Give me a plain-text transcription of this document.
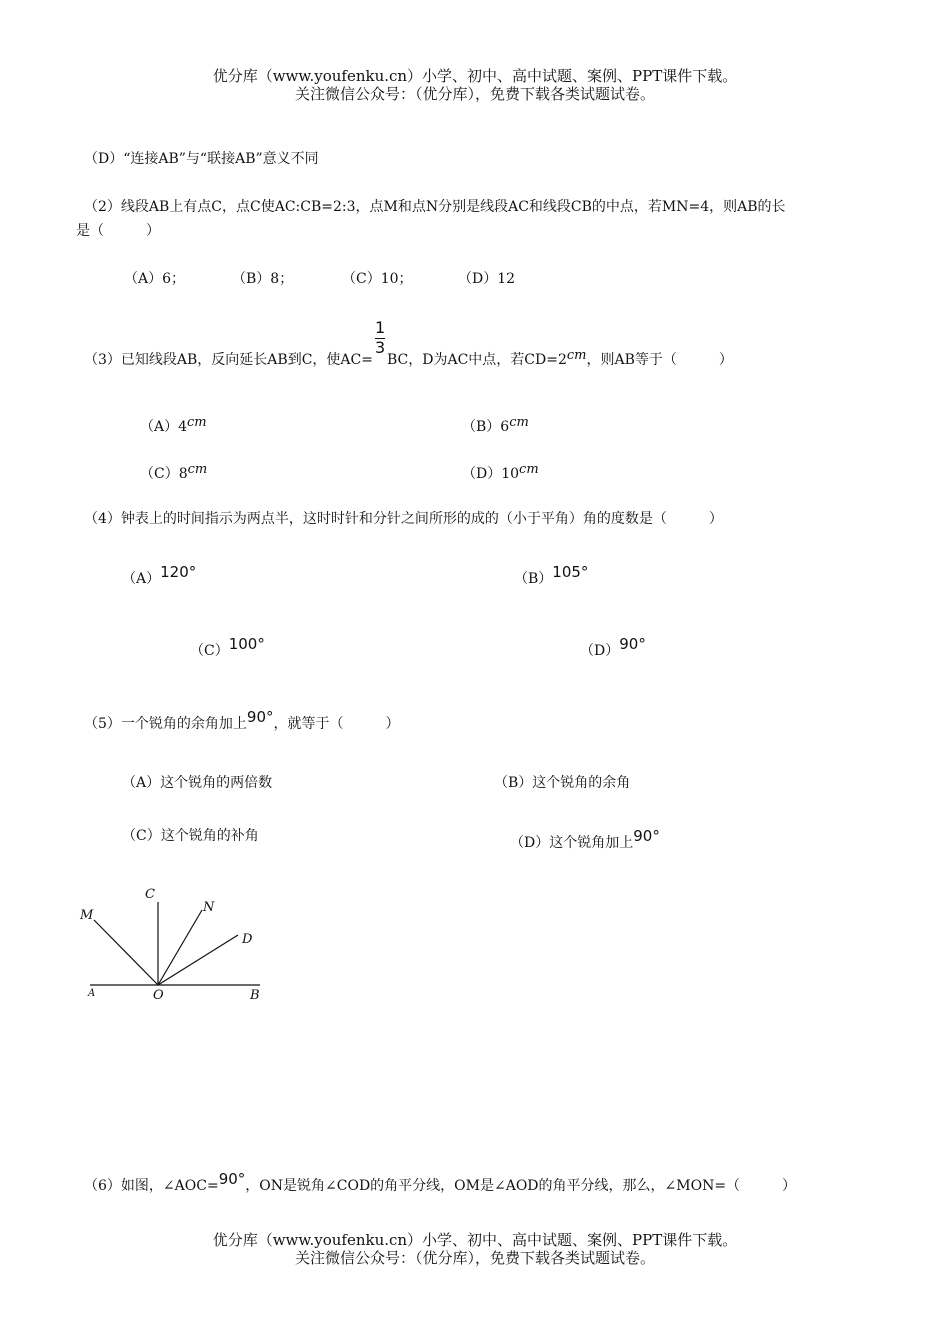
优分库（www.youfenku.cn）小学、初中、高中试题、案例、PPT课件下载。
关注微信公众号：（优分库），免费下载各类试题试卷。
（D）“连接AB”与“联接AB”意义不同
（2）线段AB上有点C，点C使AC:CB=2:3，点M和点N分别是线段AC和线段CB的中点，若MN=4，则AB的长
是（　　　）
（A）6；	（B）8；	（C）10；	（D）12
（3）已知线段AB，反向延长AB到C，使$AC= \frac{1}{3}$ BC，D为AC中点，若CD=2cm，则AB等于（　　　）
（A）4cm	（B）6cm
（C）8cm	（D）10cm
（4）钟表上的时间指示为两点半，这时时针和分针之间所形的成的（小于平角）角的度数是（　　　）
（A）120°	（B）105°
（C）100°	（D）90°
（5）一个锐角的余角加上90°，就等于（　　　）
（A）这个锐角的两倍数	（B）这个锐角的余角
（C）这个锐角的补角	（D）这个锐角加上90°
M
C
N
D
A	O	B
（6）如图，∠AOC=90°，ON是锐角∠COD的角平分线，OM是∠AOD的角平分线，那么，∠MON=（　　　）
优分库（www.youfenku.cn）小学、初中、高中试题、案例、PPT课件下载。
关注微信公众号：（优分库），免费下载各类试题试卷。
